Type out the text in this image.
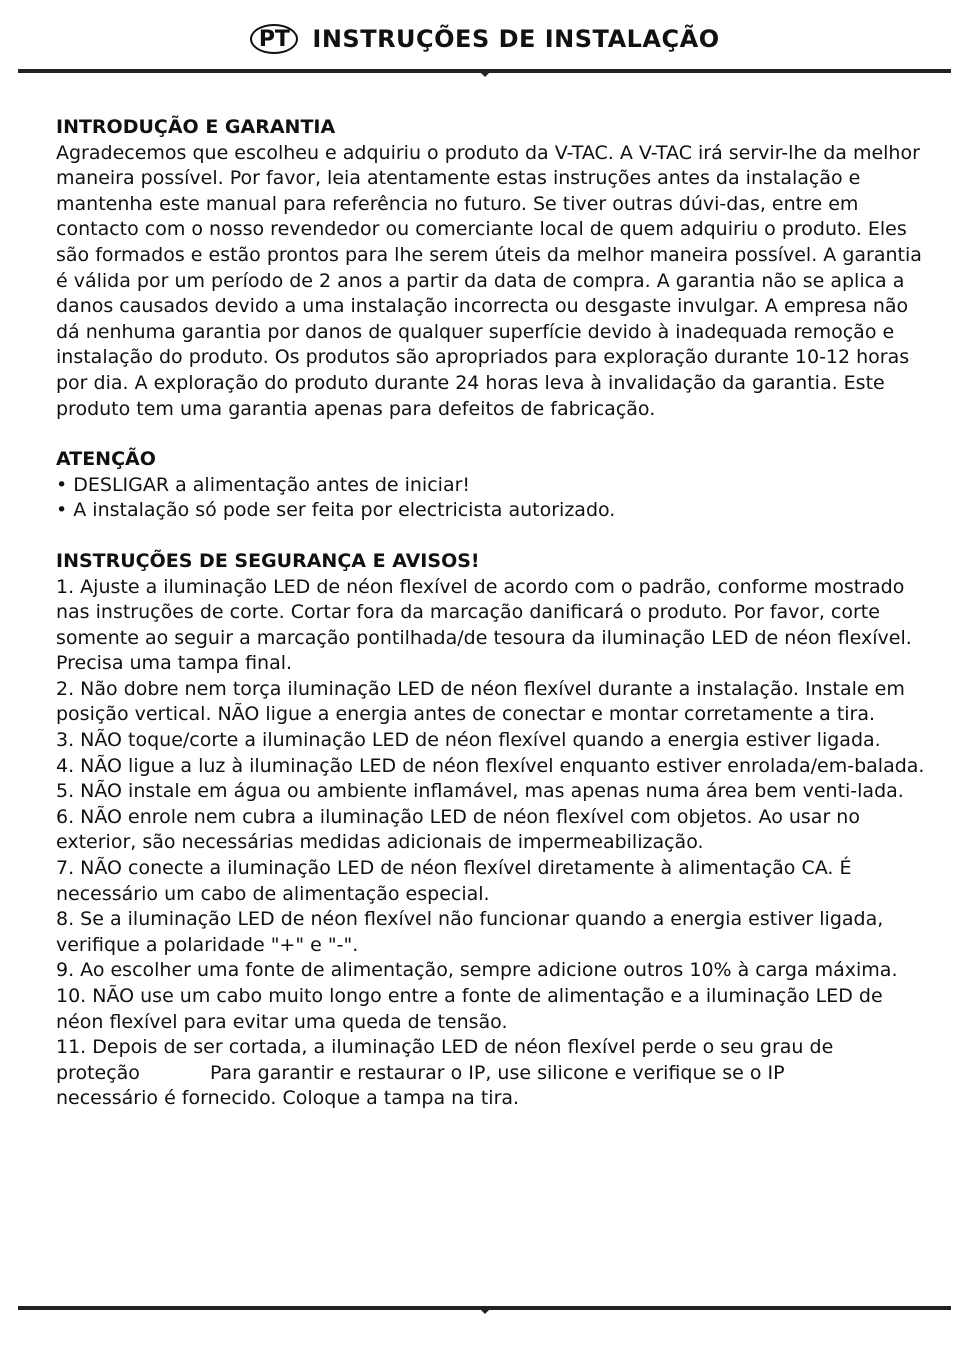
PT INSTRUÇÕES DE INSTALAÇÃO

INTRODUÇÃO E GARANTIA

Agradecemos que escolheu e adquiriu o produto da V-TAC. A V-TAC irá servir-lhe da melhor maneira possível. Por favor, leia atentamente estas instruções antes da instalação e mantenha este manual para referência no futuro. Se tiver outras dúvi-das, entre em contacto com o nosso revendedor ou comerciante local de quem adquiriu o produto. Eles são formados e estão prontos para lhe serem úteis da melhor maneira possível. A garantia é válida por um período de 2 anos a partir da data de compra. A garantia não se aplica a danos causados devido a uma instalação incorrecta ou desgaste invulgar. A empresa não dá nenhuma garantia por danos de qualquer superfície devido à inadequada remoção e instalação do produto. Os produtos são apropriados para exploração durante 10-12 horas por dia. A exploração do produto durante 24 horas leva à invalidação da garantia. Este produto tem uma garantia apenas para defeitos de fabricação.

ATENÇÃO

• DESLIGAR a alimentação antes de iniciar!

• A instalação só pode ser feita por electricista autorizado.

INSTRUÇÕES DE SEGURANÇA E AVISOS!

1. Ajuste a iluminação LED de néon flexível de acordo com o padrão, conforme mostrado nas instruções de corte. Cortar fora da marcação danificará o produto. Por favor, corte somente ao seguir a marcação pontilhada/de tesoura da iluminação LED de néon flexível. Precisa uma tampa final.

2. Não dobre nem torça iluminação LED de néon flexível durante a instalação. Instale em posição vertical. NÃO ligue a energia antes de conectar e montar corretamente a tira.

3. NÃO toque/corte a iluminação LED de néon flexível quando a energia estiver ligada.

4. NÃO ligue a luz à iluminação LED de néon flexível enquanto estiver enrolada/em-balada.

5. NÃO instale em água ou ambiente inflamável, mas apenas numa área bem venti-lada.

6. NÃO enrole nem cubra a iluminação LED de néon flexível com objetos. Ao usar no exterior, são necessárias medidas adicionais de impermeabilização.

7. NÃO conecte a iluminação LED de néon flexível diretamente à alimentação CA. É necessário um cabo de alimentação especial.

8. Se a iluminação LED de néon flexível não funcionar quando a energia estiver ligada, verifique a polaridade "+" e "-".

9. Ao escolher uma fonte de alimentação, sempre adicione outros 10% à carga máxima.

10. NÃO use um cabo muito longo entre a fonte de alimentação e a iluminação LED de néon flexível para evitar uma queda de tensão.

11. Depois de ser cortada, a iluminação LED de néon flexível perde o seu grau de

proteção	Para garantir e restaurar o IP, use silicone e verifique se o IP

necessário é fornecido. Coloque a tampa na tira.
